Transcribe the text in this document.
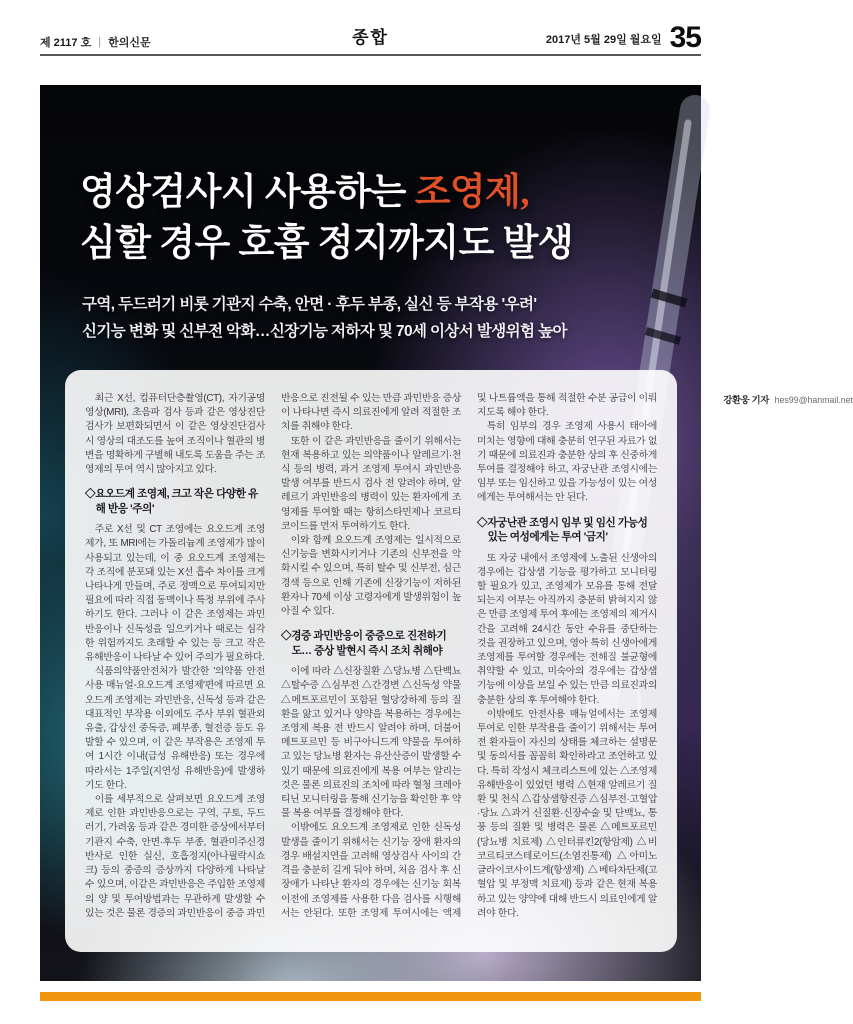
제 2117 호 | 한의신문	종합	2017년 5월 29일 월요일 35
영상검사시 사용하는 조영제,
심할 경우 호흡 정지까지도 발생
구역, 두드러기 비롯 기관지 수축, 안면 · 후두 부종, 실신 등 부작용 '우려'
신기능 변화 및 신부전 악화…신장기능 저하자 및 70세 이상서 발생위험 높아

최근 X선, 컴퓨터단층촬영(CT), 자기공명영상(MRI), 초음파 검사 등과 같은 영상진단검사가 보편화되면서 이 같은 영상진단검사시 영상의 대조도를 높여 조직이나 혈관의 병변을 명확하게 구별해 내도록 도움을 주는 조영제의 투여 역시 많아지고 있다.

◇요오드계 조영제, 크고 작은 다양한 유해 반응 '주의'

주로 X선 및 CT 조영에는 요오드계 조영제가, 또 MRI에는 가돌리늄계 조영제가 많이 사용되고 있는데, 이 중 요오드계 조영제는 각 조직에 분포돼 있는 X선 흡수 차이를 크게 나타나게 만들며, 주로 정맥으로 투여되지만 필요에 따라 직접 동맥이나 특정 부위에 주사하기도 한다. 그러나 이 같은 조영제는 과민반응이나 신독성을 일으키거나 때로는 심각한 위험까지도 초래할 수 있는 등 크고 작은 유해반응이 나타날 수 있어 주의가 필요하다.

식품의약품안전처가 발간한 '의약품 안전사용 매뉴얼-요오드계 조영제'편에 따르면 요오드계 조영제는 과민반응, 신독성 등과 같은 대표적인 부작용 이외에도 주사 부위 혈관외 유출, 갑상선 중독증, 폐부종, 혈전증 등도 유발할 수 있으며, 이 같은 부작용은 조영제 투여 1시간 이내(급성 유해반응) 또는 경우에 따라서는 1주일(지연성 유해반응)에 발생하기도 한다.

이를 세부적으로 살펴보면 요오드계 조영제로 인한 과민반응으로는 구역, 구토, 두드러기, 가려움 등과 같은 경미한 증상에서부터 기관지 수축, 안면·후두 부종, 혈관미주신경반사로 인한 실신, 호흡정지(아나필락시쇼크) 등의 중증의 증상까지 다양하게 나타날 수 있으며, 이같은 과민반응은 주입한 조영제의 양 및 투여방법과는 무관하게 발생할 수 있는 것은 물론 경증의 과민반응이 중증 과민반응으로 진전될 수 있는 만큼 과민반응 증상이 나타나면 즉시 의료진에게 알려 적절한 조치를 취해야 한다.

또한 이 같은 과민반응을 줄이기 위해서는 현재 복용하고 있는 의약품이나 알레르기·천식 등의 병력, 과거 조영제 투여시 과민반응 발생 여부를 반드시 검사 전 알려야 하며, 알레르기 과민반응의 병력이 있는 환자에게 조영제를 투여할 때는 항히스타민제나 코르티코이드를 먼저 투여하기도 한다.

이와 함께 요오드계 조영제는 일시적으로 신기능을 변화시키거나 기존의 신부전을 악화시킬 수 있으며, 특히 탈수 및 신부전, 심근경색 등으로 인해 기존에 신장기능이 저하된 환자나 70세 이상 고령자에게 발생위험이 높아질 수 있다.

◇경증 과민반응이 중증으로 진전하기도… 증상 발현시 즉시 조치 취해야

이에 따라 △신장질환 △당뇨병 △단백뇨 △탈수증 △심부전 △간경변 △신독성 약물 △메트포르민이 포함된 혈당강하제 등의 질환을 앓고 있거나 양약을 복용하는 경우에는 조영제 복용 전 반드시 알려야 하며, 더불어 메트포르민 등 비구아니드계 약물을 투여하고 있는 당뇨병 환자는 유산산증이 발생할 수 있기 때문에 의료진에게 복용 여부는 알리는 것은 물론 의료진의 조치에 따라 혈청 크레아티닌 모니터링을 통해 신기능을 확인한 후 약물 복용 여부를 결정해야 한다.

이밖에도 요오드계 조영제로 인한 신독성 발생을 줄이기 위해서는 신기능 장애 환자의 경우 배설지연을 고려해 영상검사 사이의 간격을 충분히 길게 둬야 하며, 처음 검사 후 신장애가 나타난 환자의 경우에는 신기능 회복 이전에 조영제를 사용한 다음 검사를 시행해서는 안된다. 또한 조영제 투여시에는 액제 및 나트륨액을 통해 적절한 수분 공급이 이뤄지도록 해야 한다.

특히 임부의 경우 조영제 사용시 태아에 미치는 영향에 대해 충분히 연구된 자료가 없기 때문에 의료진과 충분한 상의 후 신중하게 투여를 결정해야 하고, 자궁난관 조영시에는 임부 또는 임신하고 있을 가능성이 있는 여성에게는 투여해서는 안 된다.

◇자궁난관 조영시 임부 및 임신 가능성 있는 여성에게는 투여 '금지'

또 자궁 내에서 조영제에 노출된 신생아의 경우에는 갑상샘 기능을 평가하고 모니터링할 필요가 있고, 조영제가 모유를 통해 전달되는지 여부는 아직까지 충분히 밝혀지지 않은 만큼 조영제 투여 후에는 조영제의 제거시간을 고려해 24시간 동안 수유를 중단하는 것을 권장하고 있으며, 영아 특히 신생아에게 조영제를 투여할 경우에는 전해질 불균형에 취약할 수 있고, 미숙아의 경우에는 갑상샘 기능에 이상을 보일 수 있는 만큼 의료진과의 충분한 상의 후 투여해야 한다.

이밖에도 안전사용 매뉴얼에서는 조영제 투여로 인한 부작용을 줄이기 위해서는 투여 전 환자들이 자신의 상태를 체크하는 설명문 및 동의서를 꼼꼼히 확인하라고 조언하고 있다. 특히 작성시 체크리스트에 있는 △조영제 유해반응이 있었던 병력 △현재 알레르기 질환 및 천식 △갑상샘항진증 △심부전·고혈압·당뇨 △과거 신질환·신장수술 및 단백뇨, 통풍 등의 질환 및 병력은 물론 △메트포르민(당뇨병 치료제) △인터류킨2(항암제) △비코르티코스테로이드(소염진통제) △아미노글라이코사이드계(항생제) △베타차단제(고혈압 및 부정맥 치료제) 등과 같은 현재 복용하고 있는 양약에 대해 반드시 의료인에게 알려야 한다.

강환웅 기자 hes99@hanmail.net
